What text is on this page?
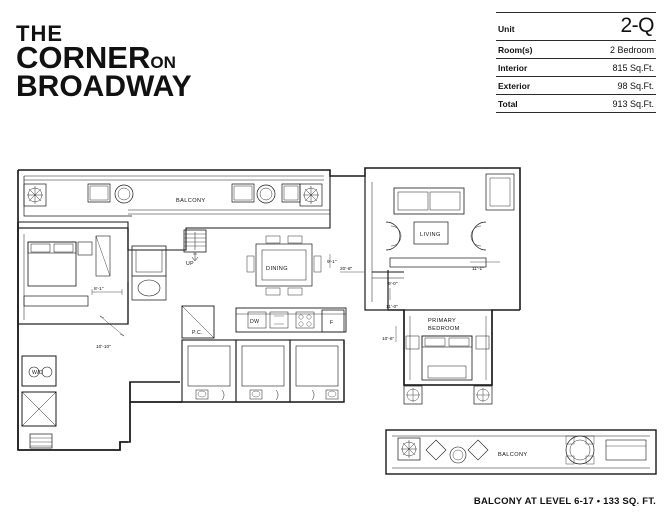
THE
CORNERON
BROADWAY
Unit	2-Q
Room(s)	2 Bedroom
Interior	815 Sq.Ft.
Exterior	98 Sq.Ft.
Total	913 Sq.Ft.
W/D
BALCONY
UP
DINING
LIVING
PRIMARY
BEDROOM
DW	F
P.C.
BALCONY
8'-1"
10'-10"
9'-1"
20'-8"	11'-1"
9'-0"
11'-0"
10'-6"
BALCONY AT LEVEL 6-17 • 133 SQ. FT.
